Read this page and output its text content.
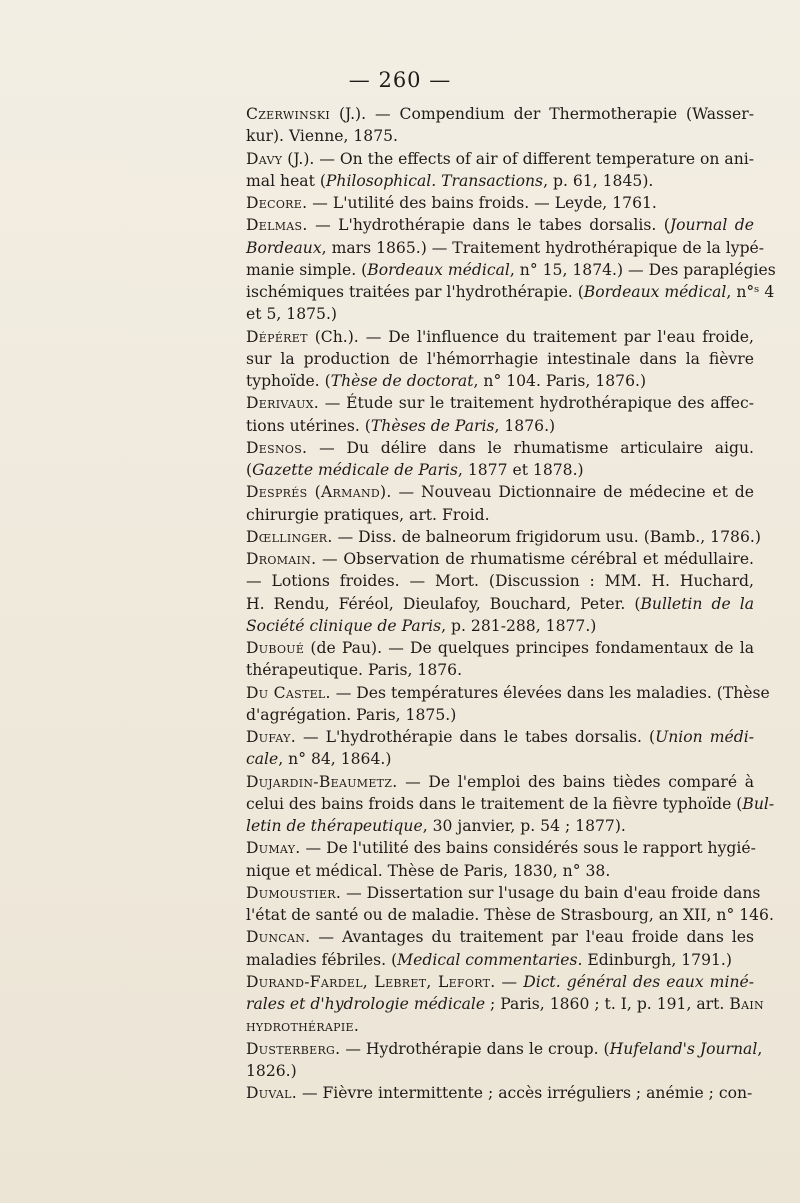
— 260 —
Czerwinski (J.). — Compendium der Thermotherapie (Wasser-
kur). Vienne, 1875.
Davy (J.). — On the effects of air of different temperature on ani-
mal heat (Philosophical. Transactions, p. 61, 1845).
Decore. — L'utilité des bains froids. — Leyde, 1761.
Delmas. — L'hydrothérapie dans le tabes dorsalis. (Journal de
Bordeaux, mars 1865.) — Traitement hydrothérapique de la lypé-
manie simple. (Bordeaux médical, n° 15, 1874.) — Des paraplégies
ischémiques traitées par l'hydrothérapie. (Bordeaux médical, n°ˢ 4
et 5, 1875.)
Dépéret (Ch.). — De l'influence du traitement par l'eau froide,
sur la production de l'hémorrhagie intestinale dans la fièvre
typhoïde. (Thèse de doctorat, n° 104. Paris, 1876.)
Derivaux. — Étude sur le traitement hydrothérapique des affec-
tions utérines. (Thèses de Paris, 1876.)
Desnos. — Du délire dans le rhumatisme articulaire aigu.
(Gazette médicale de Paris, 1877 et 1878.)
Després (Armand). — Nouveau Dictionnaire de médecine et de
chirurgie pratiques, art. Froid.
Dœllinger. — Diss. de balneorum frigidorum usu. (Bamb., 1786.)
Dromain. — Observation de rhumatisme cérébral et médullaire.
— Lotions froides. — Mort. (Discussion : MM. H. Huchard,
H. Rendu, Féréol, Dieulafoy, Bouchard, Peter. (Bulletin de la
Société clinique de Paris, p. 281-288, 1877.)
Duboué (de Pau). — De quelques principes fondamentaux de la
thérapeutique. Paris, 1876.
Du Castel. — Des températures élevées dans les maladies. (Thèse
d'agrégation. Paris, 1875.)
Dufay. — L'hydrothérapie dans le tabes dorsalis. (Union médi-
cale, n° 84, 1864.)
Dujardin-Beaumetz. — De l'emploi des bains tièdes comparé à
celui des bains froids dans le traitement de la fièvre typhoïde (Bul-
letin de thérapeutique, 30 janvier, p. 54 ; 1877).
Dumay. — De l'utilité des bains considérés sous le rapport hygié-
nique et médical. Thèse de Paris, 1830, n° 38.
Dumoustier. — Dissertation sur l'usage du bain d'eau froide dans
l'état de santé ou de maladie. Thèse de Strasbourg, an XII, n° 146.
Duncan. — Avantages du traitement par l'eau froide dans les
maladies fébriles. (Medical commentaries. Edinburgh, 1791.)
Durand-Fardel, Lebret, Lefort. — Dict. général des eaux miné-
rales et d'hydrologie médicale ; Paris, 1860 ; t. I, p. 191, art. Bain
hydrothérapie.
Dusterberg. — Hydrothérapie dans le croup. (Hufeland's Journal,
1826.)
Duval. — Fièvre intermittente ; accès irréguliers ; anémie ; con-
